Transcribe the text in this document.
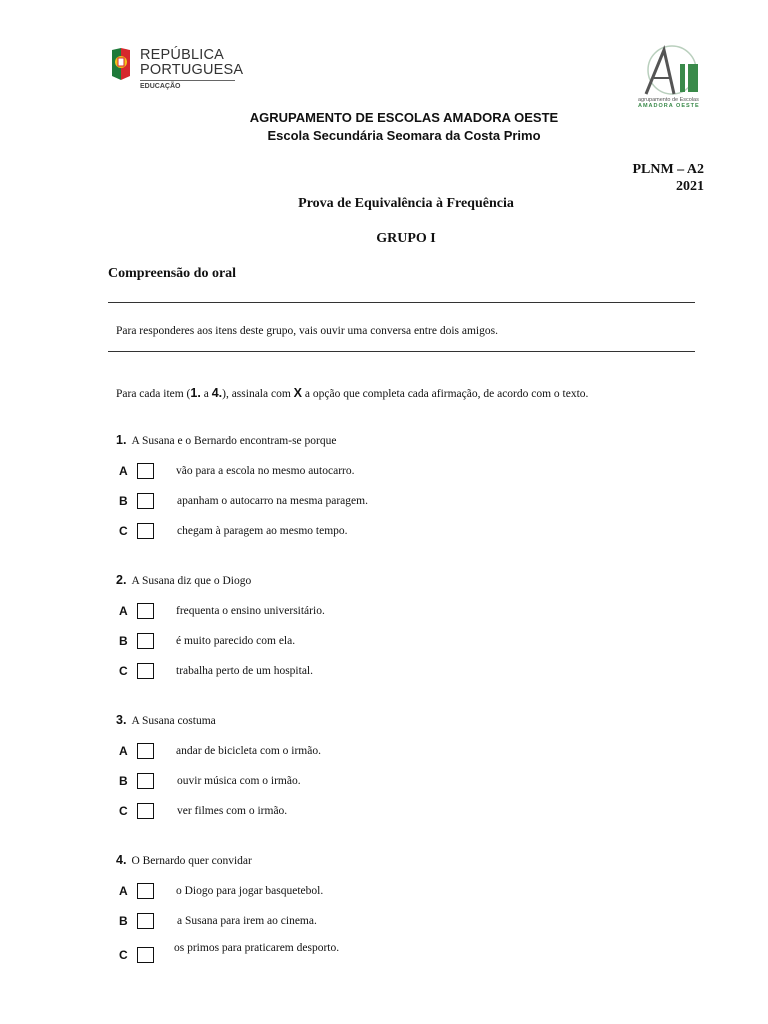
REPÚBLICA
PORTUGUESA
EDUCAÇÃO
agrupamento de Escolas
AMADORA OESTE
AGRUPAMENTO DE ESCOLAS AMADORA OESTE
Escola Secundária Seomara da Costa Primo
PLNM – A2
2021
Prova de Equivalência à Frequência
GRUPO I
Compreensão do oral
Para responderes aos itens deste grupo, vais ouvir uma conversa entre dois amigos.
Para cada item (1. a 4.), assinala com X a opção que completa cada afirmação, de acordo com o texto.
1. A Susana e o Bernardo encontram-se porque
A	vão para a escola no mesmo autocarro.
B	apanham o autocarro na mesma paragem.
C	chegam à paragem ao mesmo tempo.
2. A Susana diz que o Diogo
A	frequenta o ensino universitário.
B	é muito parecido com ela.
C	trabalha perto de um hospital.
3. A Susana costuma
A	andar de bicicleta com o irmão.
B	ouvir música com o irmão.
C	ver filmes com o irmão.
4. O Bernardo quer convidar
A	o Diogo para jogar basquetebol.
B	a Susana para irem ao cinema.
C	os primos para praticarem desporto.
